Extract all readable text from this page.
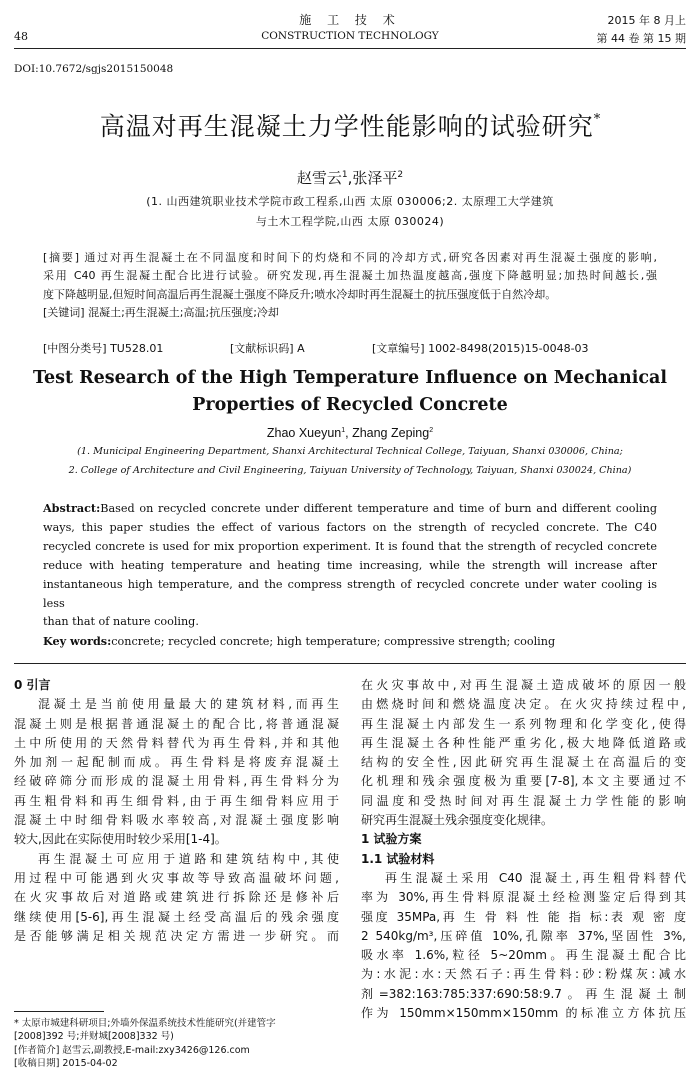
48
施 工 技 术
CONSTRUCTION TECHNOLOGY
2015 年 8 月上
第 44 卷 第 15 期
DOI:10.7672/sgjs2015150048
高温对再生混凝土力学性能影响的试验研究*
赵雪云$^1$,张泽平$^2$
(1. 山西建筑职业技术学院市政工程系,山西 太原 030006;2. 太原理工大学建筑
与土木工程学院,山西 太原 030024)
[摘要] 通过对再生混凝土在不同温度和时间下的灼烧和不同的冷却方式,研究各因素对再生混凝土强度的影响,
采用 C40 再生混凝土配合比进行试验。研究发现,再生混凝土加热温度越高,强度下降越明显;加热时间越长,强
度下降越明显,但短时间高温后再生混凝土强度不降反升;喷水冷却时再生混凝土的抗压强度低于自然冷却。
[关键词] 混凝土;再生混凝土;高温;抗压强度;冷却
[中图分类号] TU528.01	[文献标识码] A	[文章编号] 1002-8498(2015)15-0048-03
Test Research of the High Temperature Influence on Mechanical
Properties of Recycled Concrete
Zhao Xueyun$^1$, Zhang Zeping$^2$
(1. Municipal Engineering Department, Shanxi Architectural Technical College, Taiyuan, Shanxi 030006, China;
2. College of Architecture and Civil Engineering, Taiyuan University of Technology, Taiyuan, Shanxi 030024, China)
Abstract:Based on recycled concrete under different temperature and time of burn and different cooling
ways, this paper studies the effect of various factors on the strength of recycled concrete. The C40
recycled concrete is used for mix proportion experiment. It is found that the strength of recycled concrete
reduce with heating temperature and heating time increasing, while the strength will increase after
instantaneous high temperature, and the compress strength of recycled concrete under water cooling is less
than that of nature cooling.
Key words:concrete; recycled concrete; high temperature; compressive strength; cooling
0 引言
混凝土是当前使用量最大的建筑材料,而再生
混凝土则是根据普通混凝土的配合比,将普通混凝
土中所使用的天然骨料替代为再生骨料,并和其他
外加剂一起配制而成。再生骨料是将废弃混凝土
经破碎筛分而形成的混凝土用骨料,再生骨料分为
再生粗骨料和再生细骨料,由于再生细骨料应用于
混凝土中时细骨料吸水率较高,对混凝土强度影响
较大,因此在实际使用时较少采用[1-4]。
再生混凝土可应用于道路和建筑结构中,其使
用过程中可能遇到火灾事故等导致高温破坏问题,
在火灾事故后对道路或建筑进行拆除还是修补后
继续使用[5-6],再生混凝土经受高温后的残余强度
是否能够满足相关规范决定方需进一步研究。而
* 太原市城建科研项目;外墙外保温系统技术性能研究(并建管字
[2008]392 号;并财城[2008]332 号)
[作者简介] 赵雪云,副教授,E-mail:zxy3426@126.com
[收稿日期] 2015-04-02
在火灾事故中,对再生混凝土造成破坏的原因一般
由燃烧时间和燃烧温度决定。在火灾持续过程中,
再生混凝土内部发生一系列物理和化学变化,使得
再生混凝土各种性能严重劣化,极大地降低道路或
结构的安全性,因此研究再生混凝土在高温后的变
化机理和残余强度极为重要[7-8],本文主要通过不
同温度和受热时间对再生混凝土力学性能的影响
研究再生混凝土残余强度变化规律。
1 试验方案
1.1 试验材料
再生混凝土采用 C40 混凝土,再生粗骨料替代
率为 30%,再生骨料原混凝土经检测鉴定后得到其
强度 35MPa,再 生 骨 料 性 能 指 标:表 观 密 度
2 540kg/m³,压碎值 10%,孔隙率 37%,坚固性 3%,
吸水率 1.6%,粒径 5~20mm。再生混凝土配合比
为:水泥:水:天然石子:再生骨料:砂:粉煤灰:减水
剂=382:163:785:337:690:58:9.7。再生混凝土制
作为 150mm×150mm×150mm 的标准立方体抗压
